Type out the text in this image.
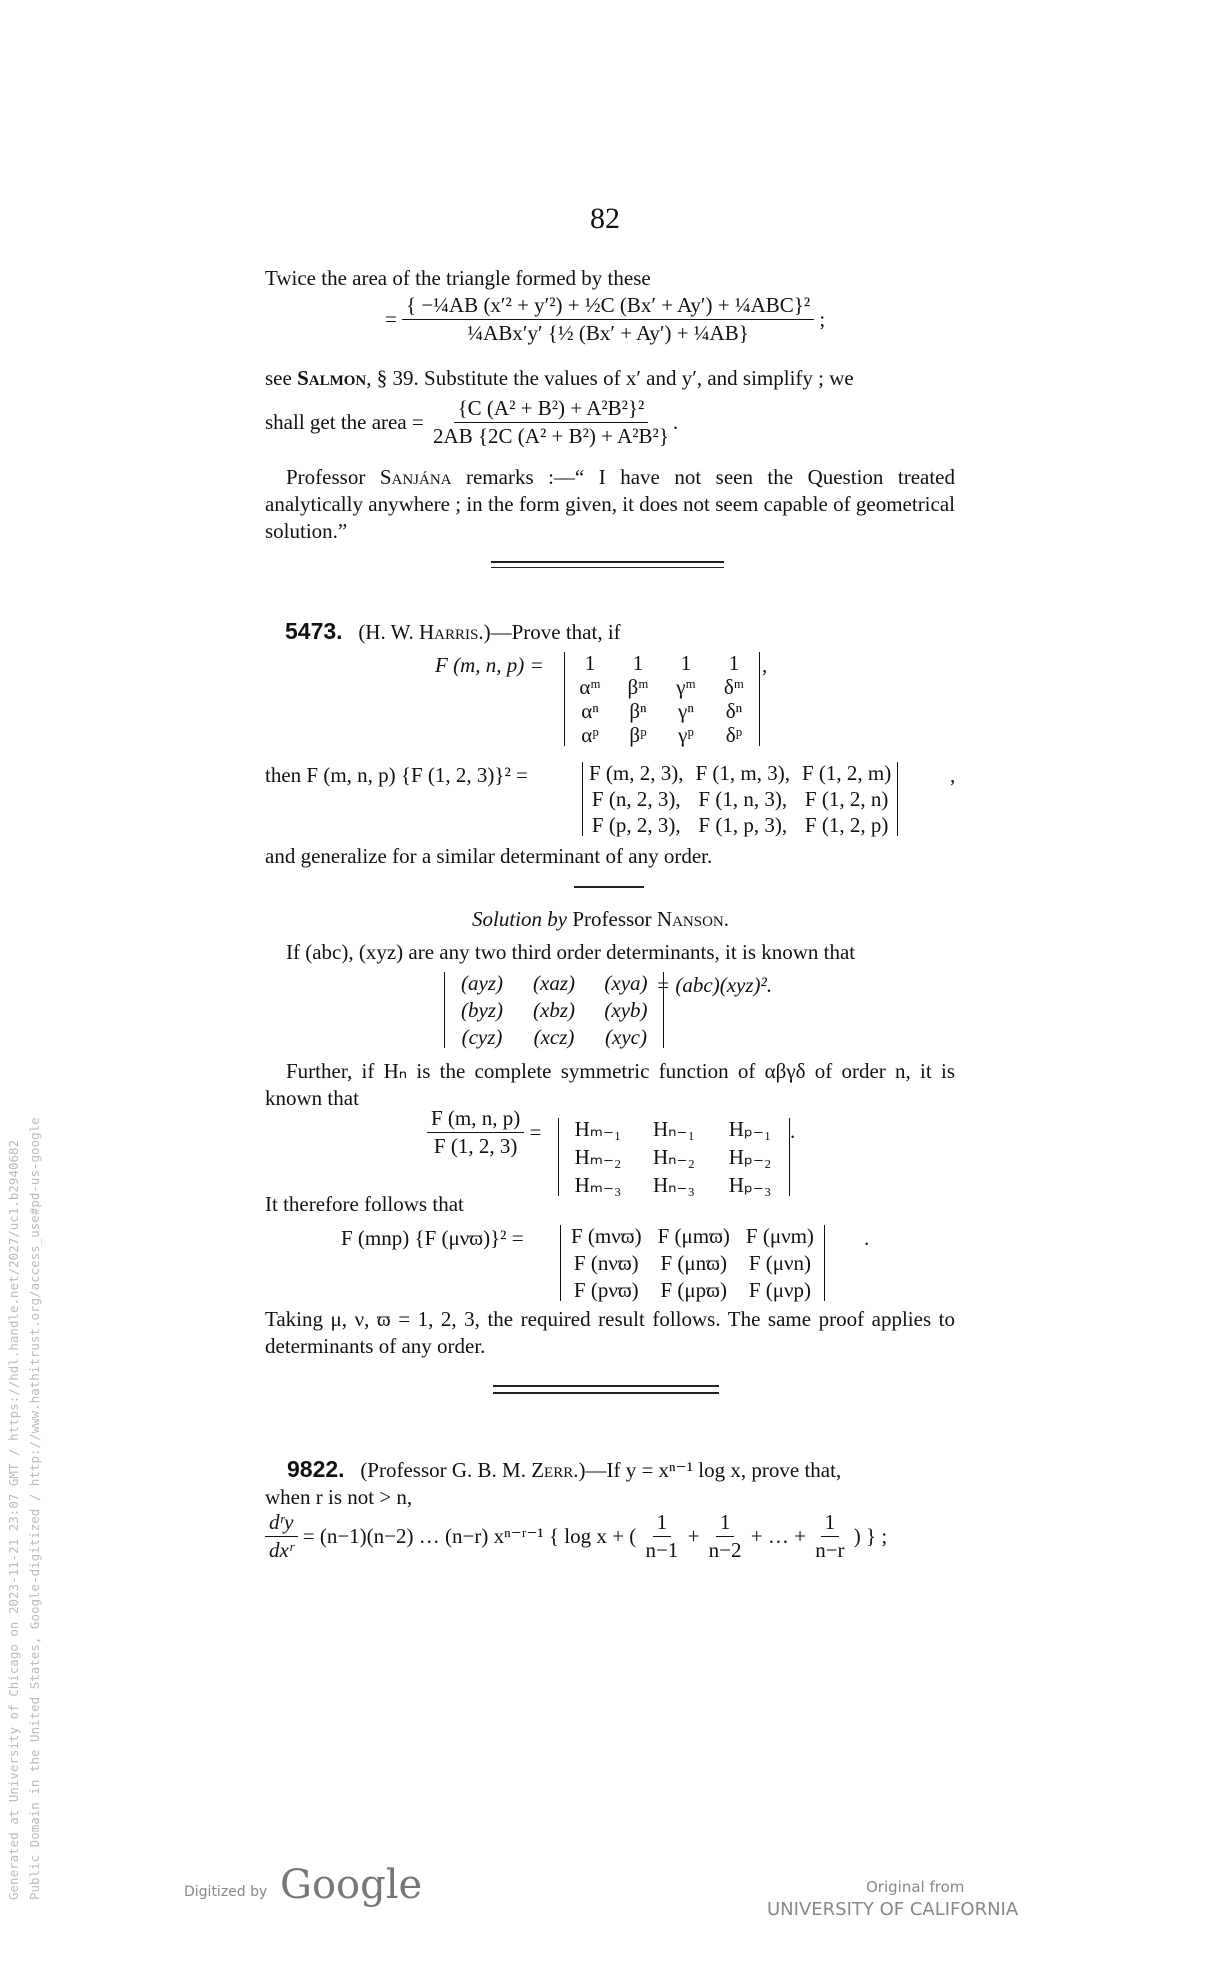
82
Twice the area of the triangle formed by these
= $\frac{\text{\{ −¼AB (x′² + y′²) + ½C (Bx′ + Ay′) + ¼ABC\}²}}{\text{¼ABx′y′ \{½ (Bx′ + Ay′) + ¼AB\}}}$ ;
see Salmon, § 39. Substitute the values of x′ and y′, and simplify ; we
shall get the area = $\frac{\text{\{C (A² + B²) + A²B²\}²}}{\text{2AB \{2C (A² + B²) + A²B²\}}}$ .
Professor Sanjána remarks :—“ I have not seen the Question treated analytically anywhere ; in the form given, it does not seem capable of geometrical solution.”
5473. (H. W. Harris.)—Prove that, if
F (m, n, p) =	1	1	1	1
αᵐ βᵐ γᵐ δᵐ
αⁿ	βⁿ	γⁿ	δⁿ
αᵖ	βᵖ	γᵖ	δᵖ
,
then F (m, n, p) {F (1, 2, 3)}² =	F (m, 2, 3), F (1, m, 3), F (1, 2, m)
F (n, 2, 3), F (1, n, 3), F (1, 2, n)
F (p, 2, 3), F (1, p, 3), F (1, 2, p)
,
and generalize for a similar determinant of any order.
Solution by Professor Nanson.
If (abc), (xyz) are any two third order determinants, it is known that
(ayz) (xaz) (xya)
(byz) (xbz) (xyb)
(cyz)	(xcz)	(xyc)
= (abc)(xyz)².
Further, if Hₙ is the complete symmetric function of αβγδ of order n, it is known that
$\frac{F (m, n, p)}{F (1, 2, 3)} = H_{m-1}$	Hₙ₋₁	Hₚ₋₁
Hₘ₋₂	Hₙ₋₂	Hₚ₋₂
Hₘ₋₃	Hₙ₋₃	Hₚ₋₃
.
It therefore follows that
F (mnp) {F (μνϖ)}² = F (mνϖ) F (μmϖ) F (μνm)
F (nνϖ) F (μnϖ) F (μνn)
F (pνϖ) F (μpϖ) F (μνp)
.
Taking μ, ν, ϖ = 1, 2, 3, the required result follows. The same proof applies to determinants of any order.
9822. (Professor G. B. M. Zerr.)—If y = xⁿ⁻¹ log x, prove that,
when r is not > n,
$\frac{\text{dʳy}}{\text{dxʳ}} = (n-1)(n-2)$ … (n−r) xⁿ⁻ʳ⁻¹ { log x + ( $\frac{1}{n-1} + \frac{1}{n-2}$ + … + $\frac{1}{n-r}$ ) } ;
Generated at University of Chicago on 2023-11-21 23:07 GMT / https://hdl.handle.net/2027/uc1.b2940682 Public Domain in the United States, Google-digitized / http://www.hathitrust.org/access_use#pd-us-google	Digitized by Google	Original from
UNIVERSITY OF CALIFORNIA
